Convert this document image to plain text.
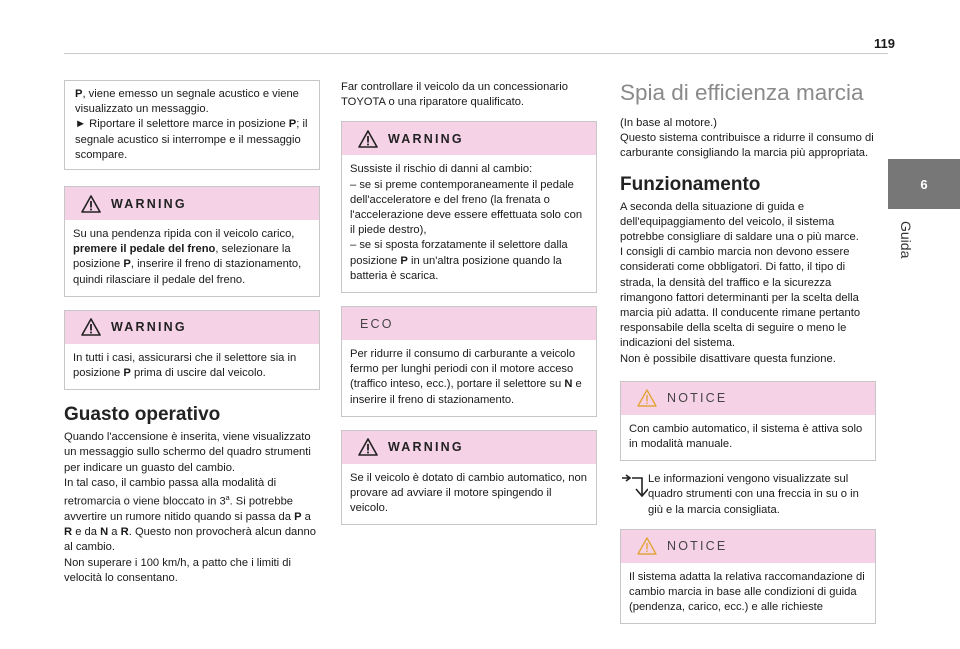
119
6
Guida
P, viene emesso un segnale acustico e viene visualizzato un messaggio.
► Riportare il selettore marce in posizione P; il segnale acustico si interrompe e il messaggio scompare.
WARNING
Su una pendenza ripida con il veicolo carico, premere il pedale del freno, selezionare la posizione P, inserire il freno di stazionamento, quindi rilasciare il pedale del freno.
WARNING
In tutti i casi, assicurarsi che il selettore sia in posizione P prima di uscire dal veicolo.
Guasto operativo
Quando l'accensione è inserita, viene visualizzato un messaggio sullo schermo del quadro strumenti per indicare un guasto del cambio.
In tal caso, il cambio passa alla modalità di retromarcia o viene bloccato in 3$^a$. Si potrebbe avvertire un rumore nitido quando si passa da P a R e da N a R. Questo non provocherà alcun danno al cambio.
Non superare i 100 km/h, a patto che i limiti di velocità lo consentano.
Far controllare il veicolo da un concessionario TOYOTA o una riparatore qualificato.
WARNING
Sussiste il rischio di danni al cambio:
– se si preme contemporaneamente il pedale dell'acceleratore e del freno (la frenata o l'accelerazione deve essere effettuata solo con il piede destro),
– se si sposta forzatamente il selettore dalla posizione P in un'altra posizione quando la batteria è scarica.
ECO
Per ridurre il consumo di carburante a veicolo fermo per lunghi periodi con il motore acceso (traffico inteso, ecc.), portare il selettore su N e inserire il freno di stazionamento.
WARNING
Se il veicolo è dotato di cambio automatico, non provare ad avviare il motore spingendo il veicolo.
Spia di efficienza marcia
(In base al motore.)
Questo sistema contribuisce a ridurre il consumo di carburante consigliando la marcia più appropriata.
Funzionamento
A seconda della situazione di guida e dell'equipaggiamento del veicolo, il sistema potrebbe consigliare di saldare una o più marce.
I consigli di cambio marcia non devono essere considerati come obbligatori. Di fatto, il tipo di strada, la densità del traffico e la sicurezza rimangono fattori determinanti per la scelta della marcia più adatta. Il conducente rimane pertanto responsabile della scelta di seguire o meno le indicazioni del sistema.
Non è possibile disattivare questa funzione.
NOTICE
Con cambio automatico, il sistema è attiva solo in modalità manuale.
Le informazioni vengono visualizzate sul quadro strumenti con una freccia in su o in giù e la marcia consigliata.
NOTICE
Il sistema adatta la relativa raccomandazione di cambio marcia in base alle condizioni di guida (pendenza, carico, ecc.) e alle richieste
